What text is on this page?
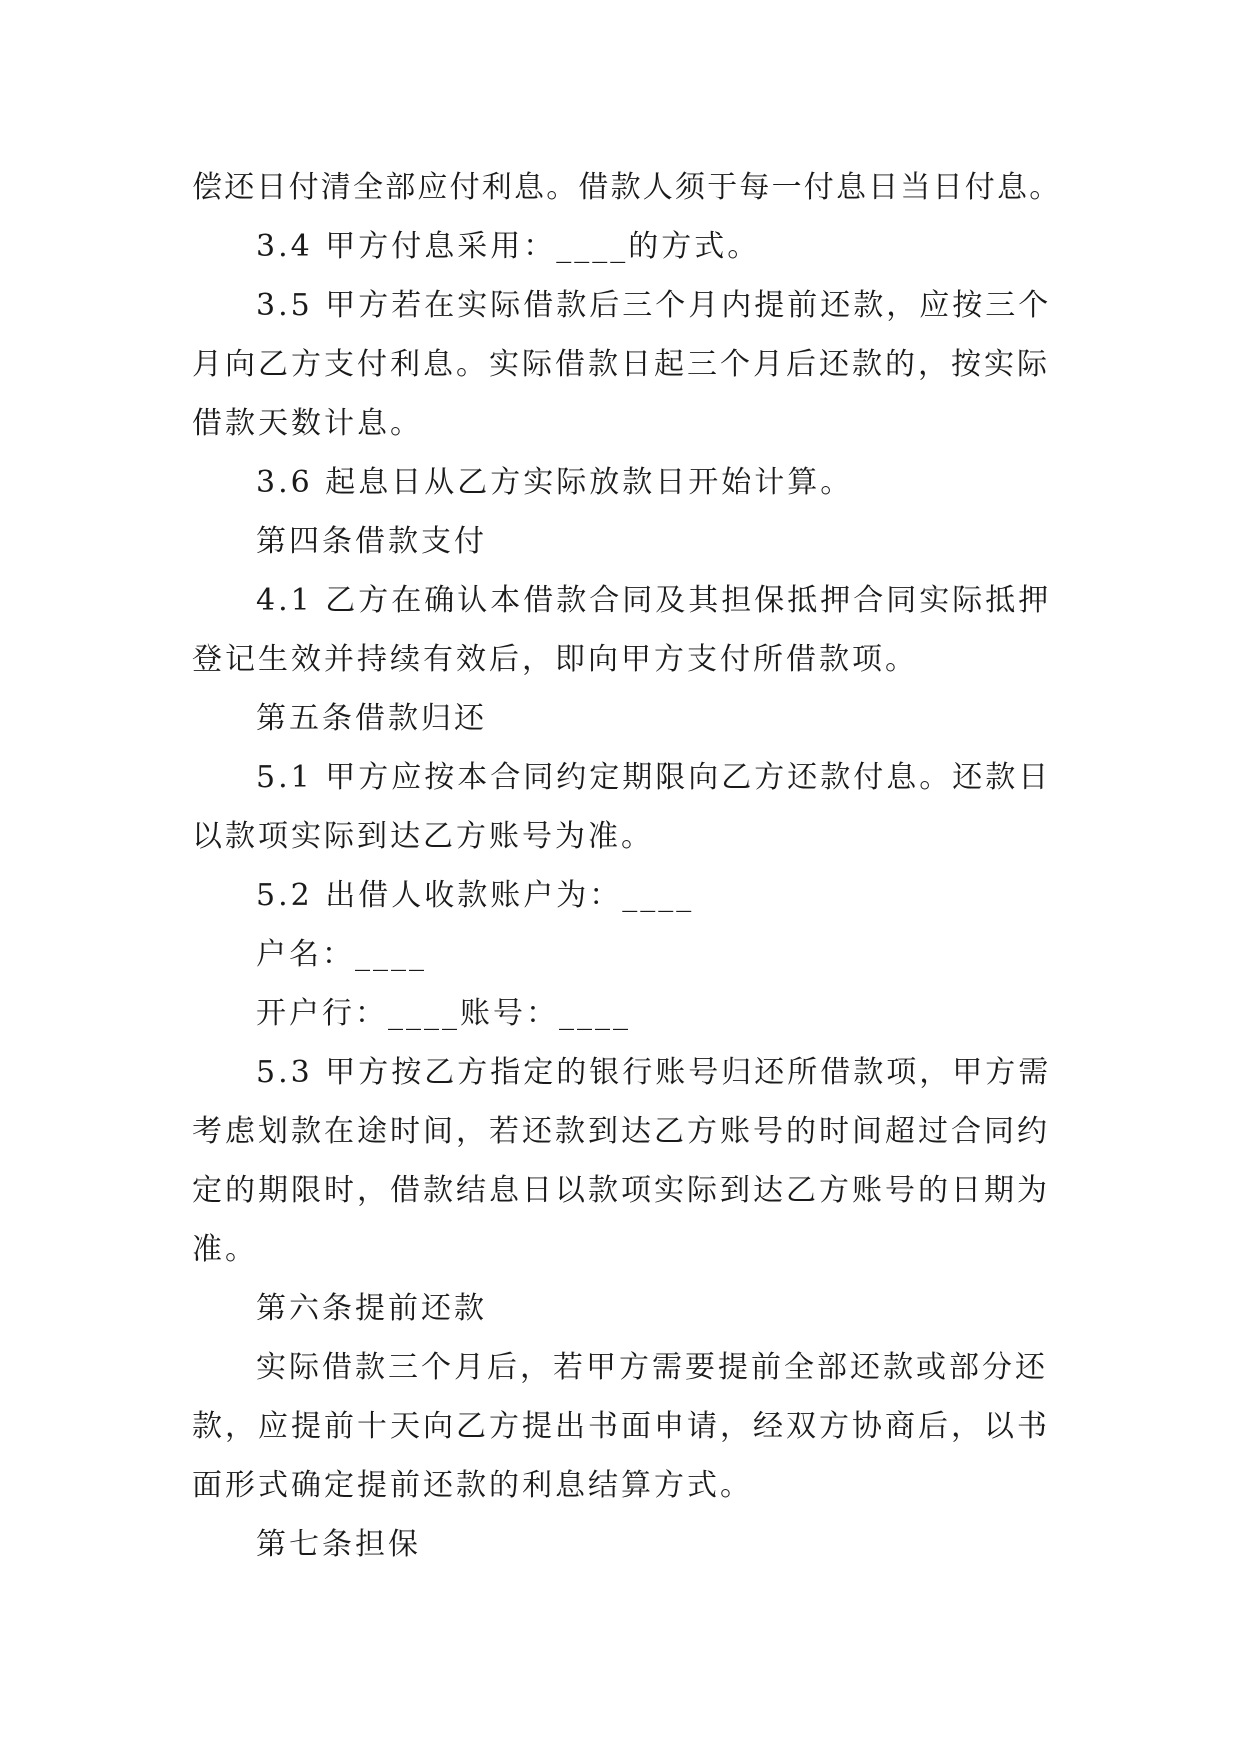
偿还日付清全部应付利息。借款人须于每一付息日当日付息。
3.4 甲方付息采用：____的方式。
3.5 甲方若在实际借款后三个月内提前还款，应按三个
月向乙方支付利息。实际借款日起三个月后还款的，按实际
借款天数计息。
3.6 起息日从乙方实际放款日开始计算。
第四条借款支付
4.1 乙方在确认本借款合同及其担保抵押合同实际抵押
登记生效并持续有效后，即向甲方支付所借款项。
第五条借款归还
5.1 甲方应按本合同约定期限向乙方还款付息。还款日
以款项实际到达乙方账号为准。
5.2 出借人收款账户为：____
户名：____
开户行：____账号：____
5.3 甲方按乙方指定的银行账号归还所借款项，甲方需
考虑划款在途时间，若还款到达乙方账号的时间超过合同约
定的期限时，借款结息日以款项实际到达乙方账号的日期为
准。
第六条提前还款
实际借款三个月后，若甲方需要提前全部还款或部分还
款，应提前十天向乙方提出书面申请，经双方协商后，以书
面形式确定提前还款的利息结算方式。
第七条担保
